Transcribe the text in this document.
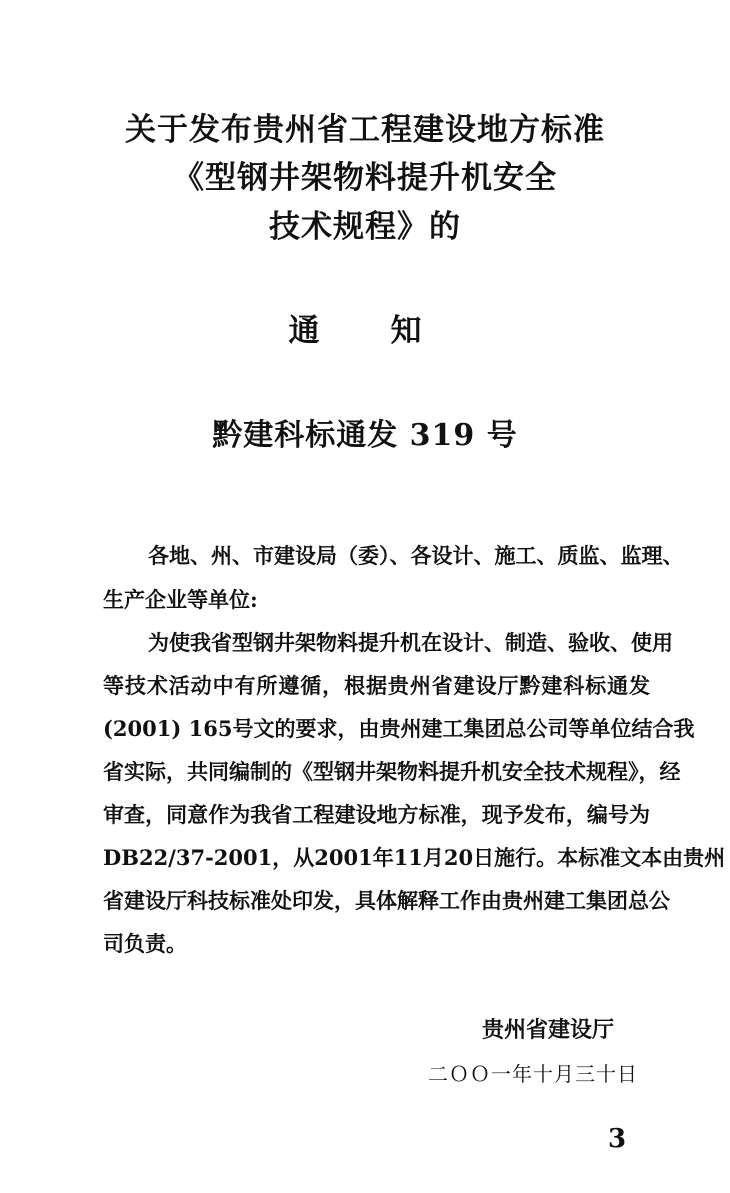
关于发布贵州省工程建设地方标准
《型钢井架物料提升机安全
技术规程》的
通　知
黔建科标通发 319 号
各地、州、市建设局（委）、各设计、施工、质监、监理、
生产企业等单位:
为使我省型钢井架物料提升机在设计、制造、验收、使用
等技术活动中有所遵循，根据贵州省建设厅黔建科标通发
(2001) 165号文的要求，由贵州建工集团总公司等单位结合我
省实际，共同编制的《型钢井架物料提升机安全技术规程》，经
审查，同意作为我省工程建设地方标准，现予发布，编号为
DB22/37-2001，从2001年11月20日施行。本标准文本由贵州
省建设厅科技标准处印发，具体解释工作由贵州建工集团总公
司负责。
贵州省建设厅
二ＯＯ一年十月三十日
3
